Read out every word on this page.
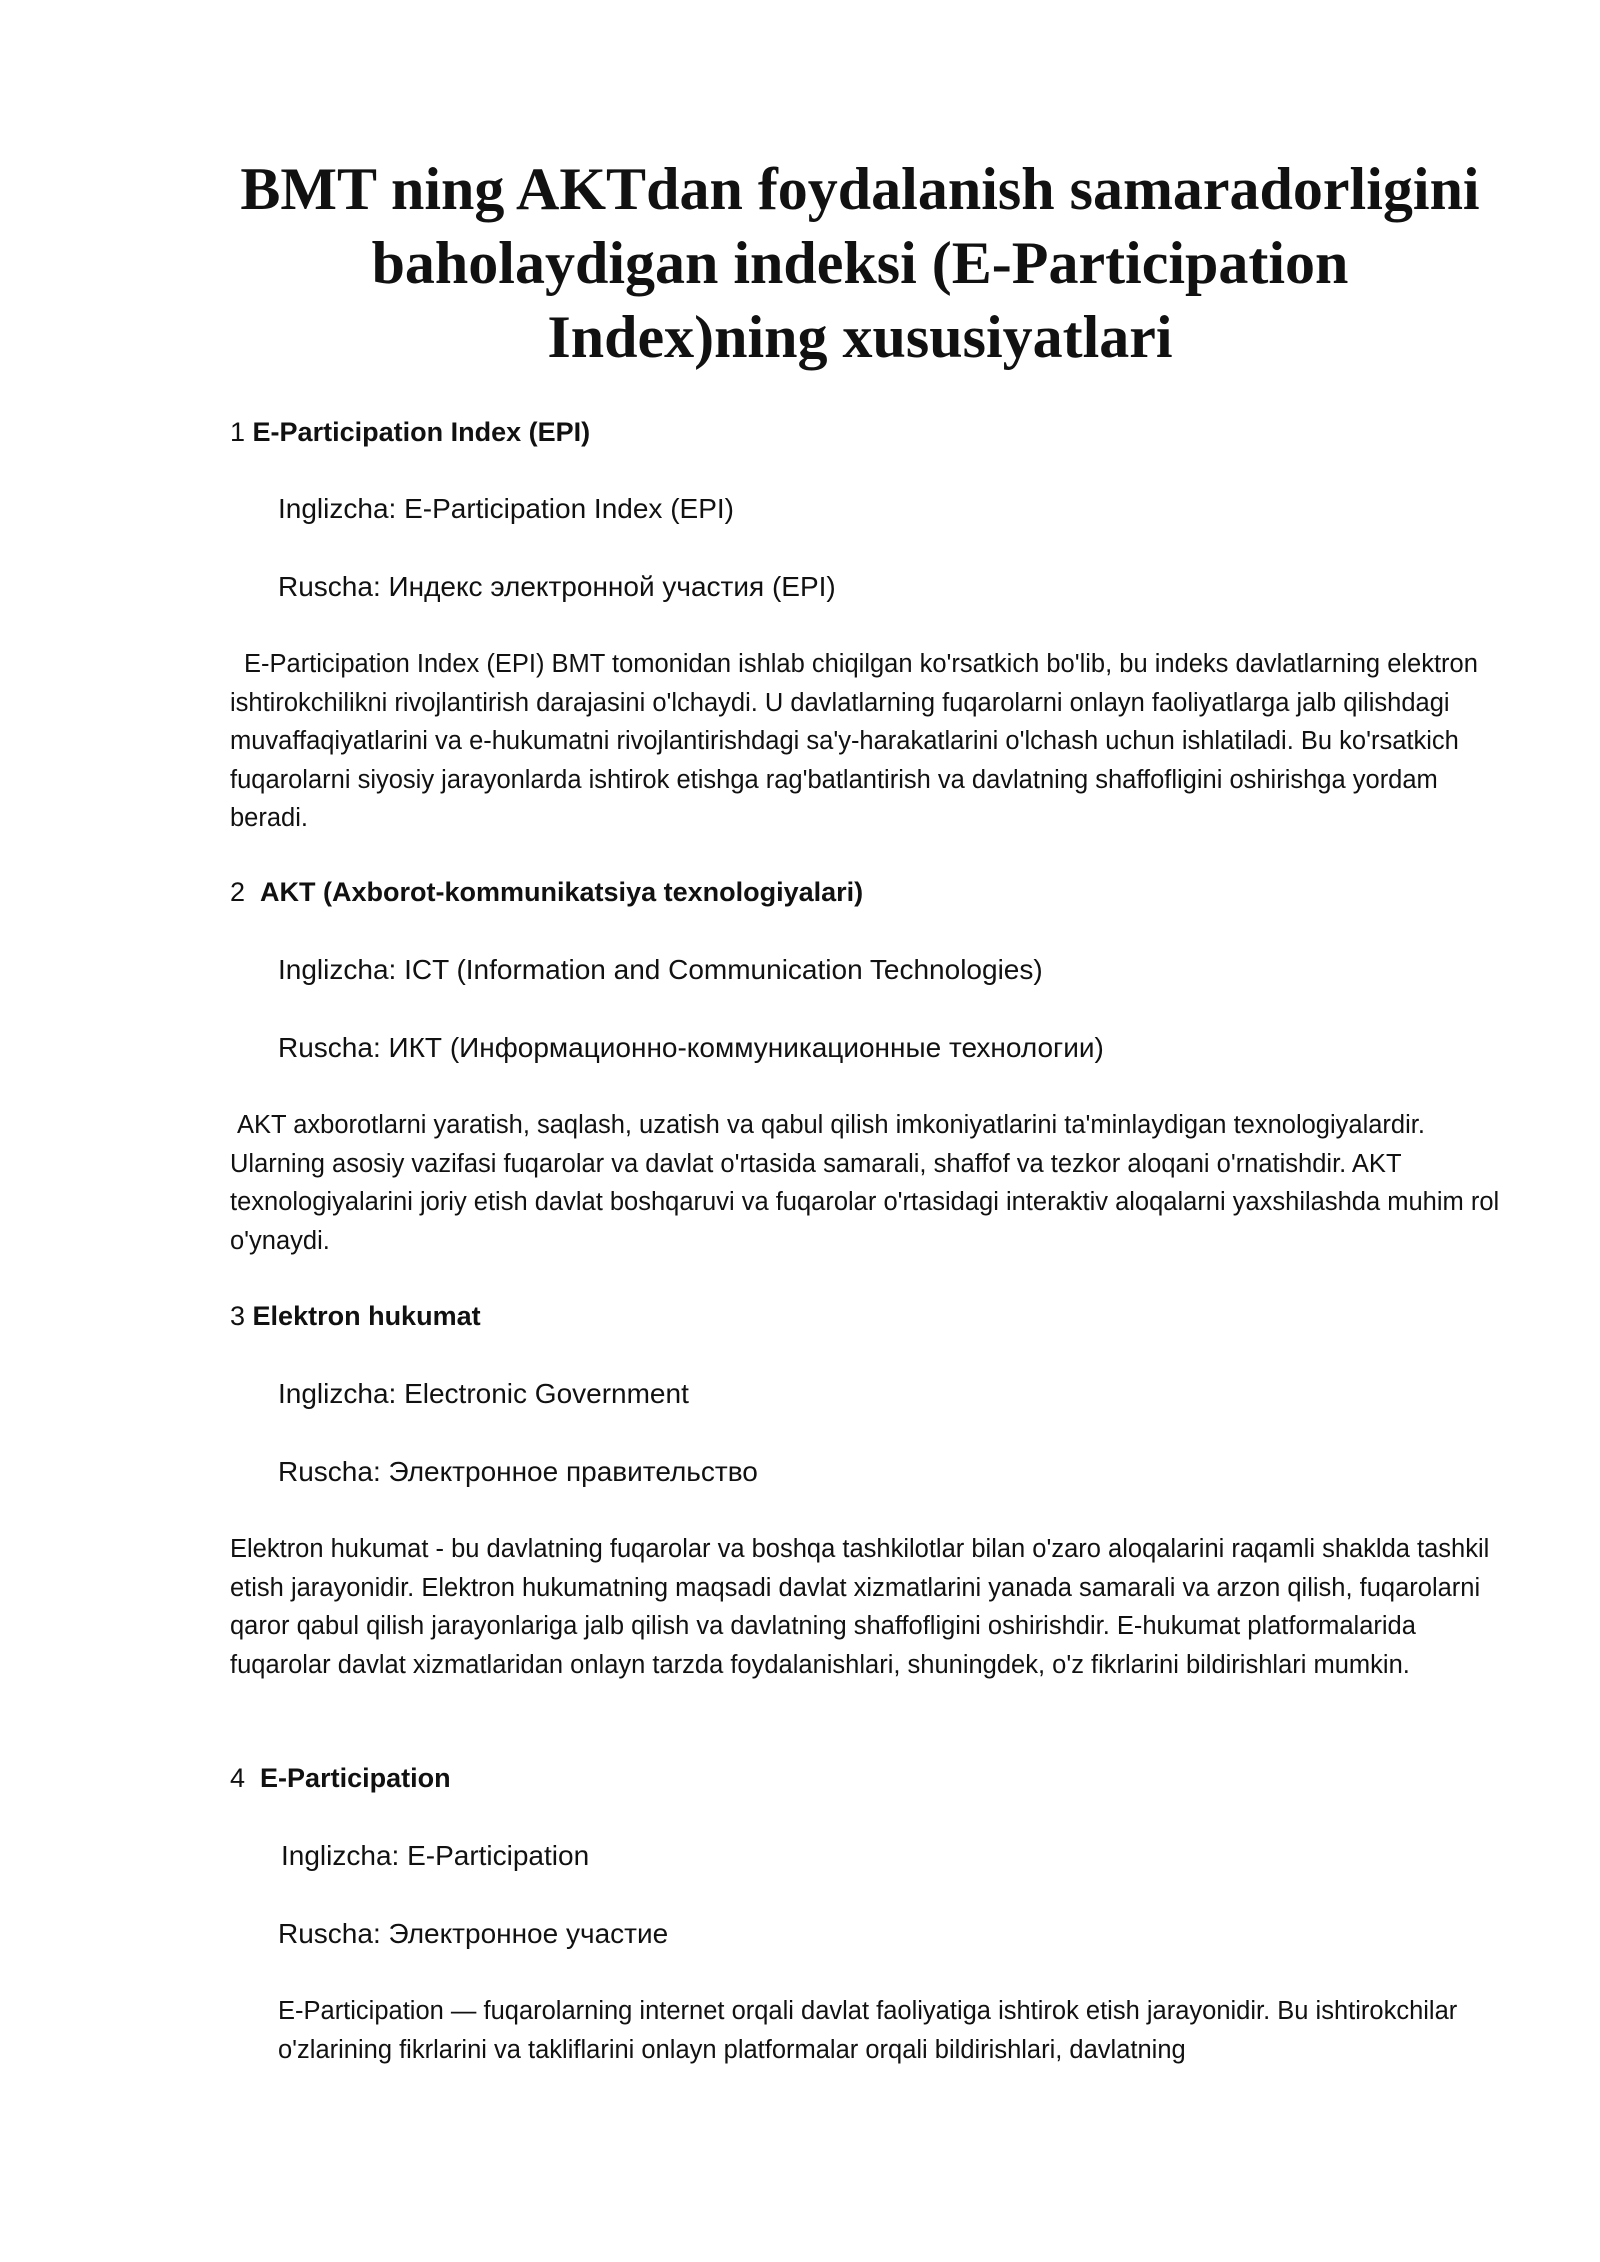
BMT ning AKTdan foydalanish samaradorligini baholaydigan indeksi (E-Participation Index)ning xususiyatlari

1 E-Participation Index (EPI)

Inglizcha: E-Participation Index (EPI)

Ruscha: Индекс электронной участия (EPI)

E-Participation Index (EPI) BMT tomonidan ishlab chiqilgan ko'rsatkich bo'lib, bu indeks davlatlarning elektron ishtirokchilikni rivojlantirish darajasini o'lchaydi. U davlatlarning fuqarolarni onlayn faoliyatlarga jalb qilishdagi muvaffaqiyatlarini va e-hukumatni rivojlantirishdagi sa'y-harakatlarini o'lchash uchun ishlatiladi. Bu ko'rsatkich fuqarolarni siyosiy jarayonlarda ishtirok etishga rag'batlantirish va davlatning shaffofligini oshirishga yordam beradi.

2 AKT (Axborot-kommunikatsiya texnologiyalari)

Inglizcha: ICT (Information and Communication Technologies)

Ruscha: ИКТ (Информационно-коммуникационные технологии)

AKT axborotlarni yaratish, saqlash, uzatish va qabul qilish imkoniyatlarini ta'minlaydigan texnologiyalardir. Ularning asosiy vazifasi fuqarolar va davlat o'rtasida samarali, shaffof va tezkor aloqani o'rnatishdir. AKT texnologiyalarini joriy etish davlat boshqaruvi va fuqarolar o'rtasidagi interaktiv aloqalarni yaxshilashda muhim rol o'ynaydi.

3 Elektron hukumat

Inglizcha: Electronic Government

Ruscha: Электронное правительство

Elektron hukumat - bu davlatning fuqarolar va boshqa tashkilotlar bilan o'zaro aloqalarini raqamli shaklda tashkil etish jarayonidir. Elektron hukumatning maqsadi davlat xizmatlarini yanada samarali va arzon qilish, fuqarolarni qaror qabul qilish jarayonlariga jalb qilish va davlatning shaffofligini oshirishdir. E-hukumat platformalarida fuqarolar davlat xizmatlaridan onlayn tarzda foydalanishlari, shuningdek, o'z fikrlarini bildirishlari mumkin.

4 E-Participation

Inglizcha: E-Participation

Ruscha: Электронное участие

E-Participation — fuqarolarning internet orqali davlat faoliyatiga ishtirok etish jarayonidir. Bu ishtirokchilar o'zlarining fikrlarini va takliflarini onlayn platformalar orqali bildirishlari, davlatning
